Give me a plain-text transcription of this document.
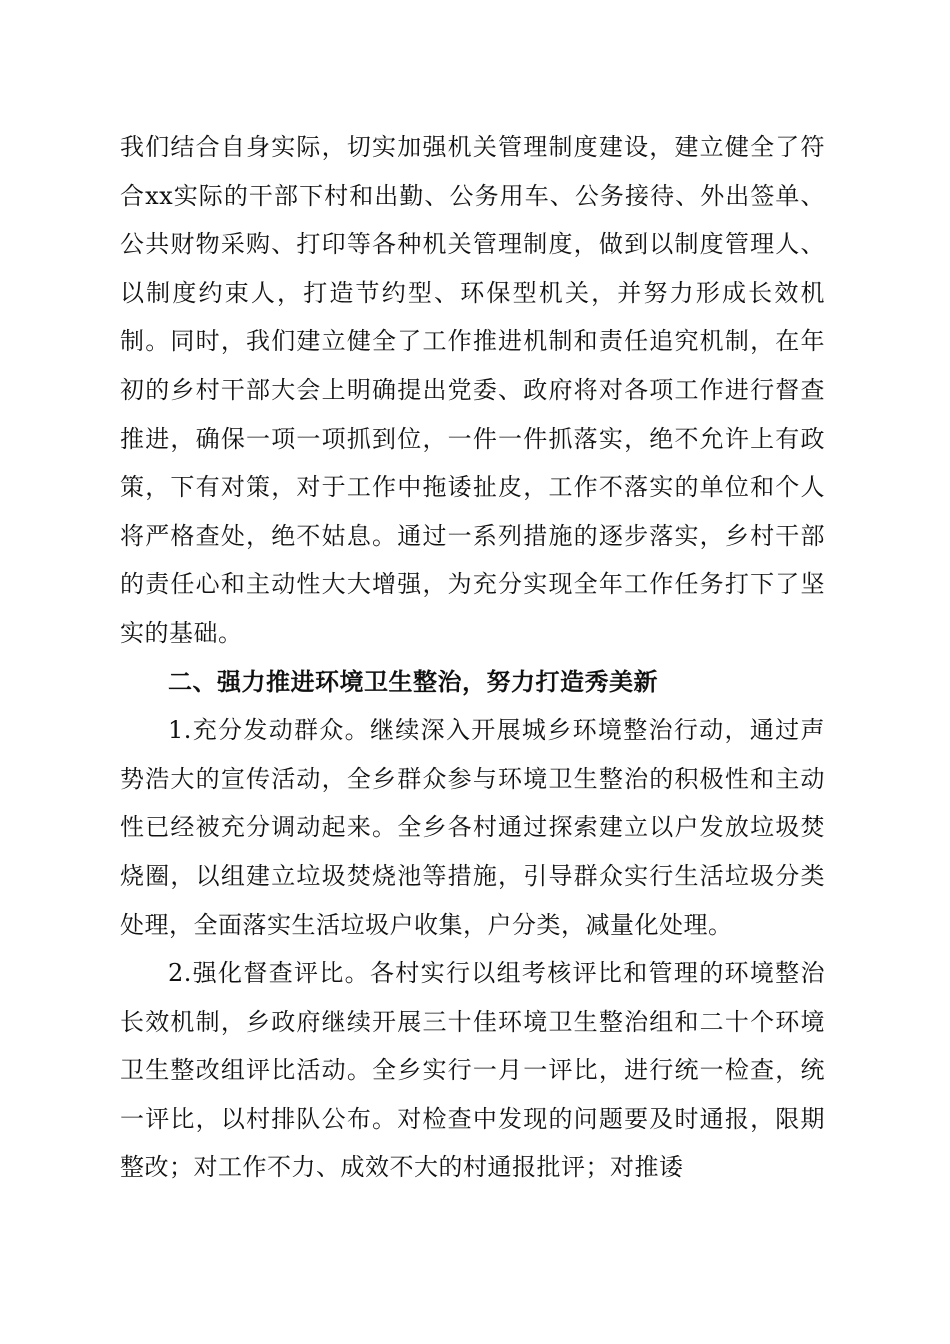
我们结合自身实际，切实加强机关管理制度建设，建立健全了符合xx实际的干部下村和出勤、公务用车、公务接待、外出签单、公共财物采购、打印等各种机关管理制度，做到以制度管理人、以制度约束人，打造节约型、环保型机关，并努力形成长效机制。同时，我们建立健全了工作推进机制和责任追究机制，在年初的乡村干部大会上明确提出党委、政府将对各项工作进行督查推进，确保一项一项抓到位，一件一件抓落实，绝不允许上有政策，下有对策，对于工作中拖诿扯皮，工作不落实的单位和个人将严格查处，绝不姑息。通过一系列措施的逐步落实，乡村干部的责任心和主动性大大增强，为充分实现全年工作任务打下了坚实的基础。

二、强力推进环境卫生整治，努力打造秀美新

1.充分发动群众。继续深入开展城乡环境整治行动，通过声势浩大的宣传活动，全乡群众参与环境卫生整治的积极性和主动性已经被充分调动起来。全乡各村通过探索建立以户发放垃圾焚烧圈，以组建立垃圾焚烧池等措施，引导群众实行生活垃圾分类处理，全面落实生活垃圾户收集，户分类，减量化处理。

2.强化督查评比。各村实行以组考核评比和管理的环境整治长效机制，乡政府继续开展三十佳环境卫生整治组和二十个环境卫生整改组评比活动。全乡实行一月一评比，进行统一检查，统一评比，以村排队公布。对检查中发现的问题要及时通报，限期整改；对工作不力、成效不大的村通报批评；对推诿
